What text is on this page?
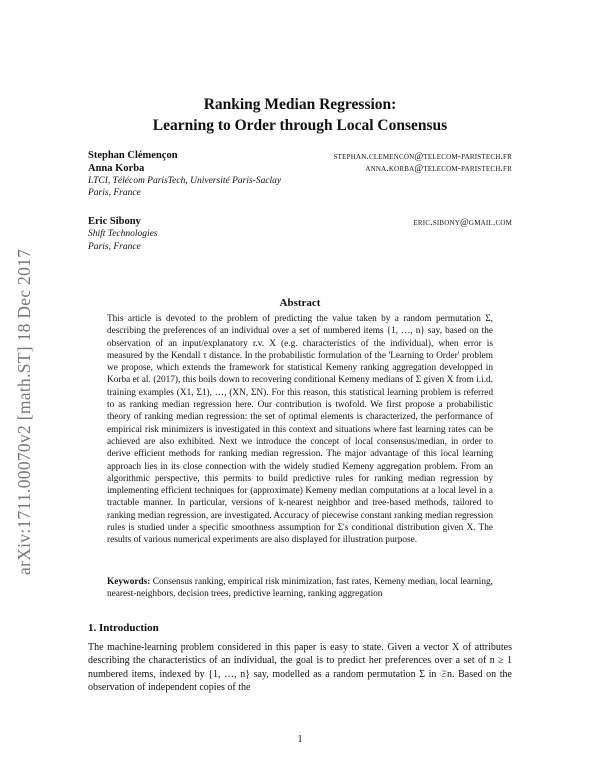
arXiv:1711.00070v2 [math.ST] 18 Dec 2017
Ranking Median Regression:
Learning to Order through Local Consensus
Stephan Clémençon	stephan.clemencon@telecom-paristech.fr
Anna Korba	anna.korba@telecom-paristech.fr
LTCI, Télécom ParisTech, Université Paris-Saclay
Paris, France
Eric Sibony	eric.sibony@gmail.com
Shift Technologies
Paris, France
Abstract
This article is devoted to the problem of predicting the value taken by a random permutation Σ, describing the preferences of an individual over a set of numbered items {1, …, n} say, based on the observation of an input/explanatory r.v. X (e.g. characteristics of the individual), when error is measured by the Kendall τ distance. In the probabilistic formulation of the 'Learning to Order' problem we propose, which extends the framework for statistical Kemeny ranking aggregation developped in Korba et al. (2017), this boils down to recovering conditional Kemeny medians of Σ given X from i.i.d. training examples (X1, Σ1), …, (XN, ΣN). For this reason, this statistical learning problem is referred to as ranking median regression here. Our contribution is twofold. We first propose a probabilistic theory of ranking median regression: the set of optimal elements is characterized, the performance of empirical risk minimizers is investigated in this context and situations where fast learning rates can be achieved are also exhibited. Next we introduce the concept of local consensus/median, in order to derive efficient methods for ranking median regression. The major advantage of this local learning approach lies in its close connection with the widely studied Kemeny aggregation problem. From an algorithmic perspective, this permits to build predictive rules for ranking median regression by implementing efficient techniques for (approximate) Kemeny median computations at a local level in a tractable manner. In particular, versions of k-nearest neighbor and tree-based methods, tailored to ranking median regression, are investigated. Accuracy of piecewise constant ranking median regression rules is studied under a specific smoothness assumption for Σ's conditional distribution given X. The results of various numerical experiments are also displayed for illustration purpose.
Keywords: Consensus ranking, empirical risk minimization, fast rates, Kemeny median, local learning, nearest-neighbors, decision trees, predictive learning, ranking aggregation
1. Introduction
The machine-learning problem considered in this paper is easy to state. Given a vector X of attributes describing the characteristics of an individual, the goal is to predict her preferences over a set of n ≥ 1 numbered items, indexed by {1, …, n} say, modelled as a random permutation Σ in 𝔖n. Based on the observation of independent copies of the
1
